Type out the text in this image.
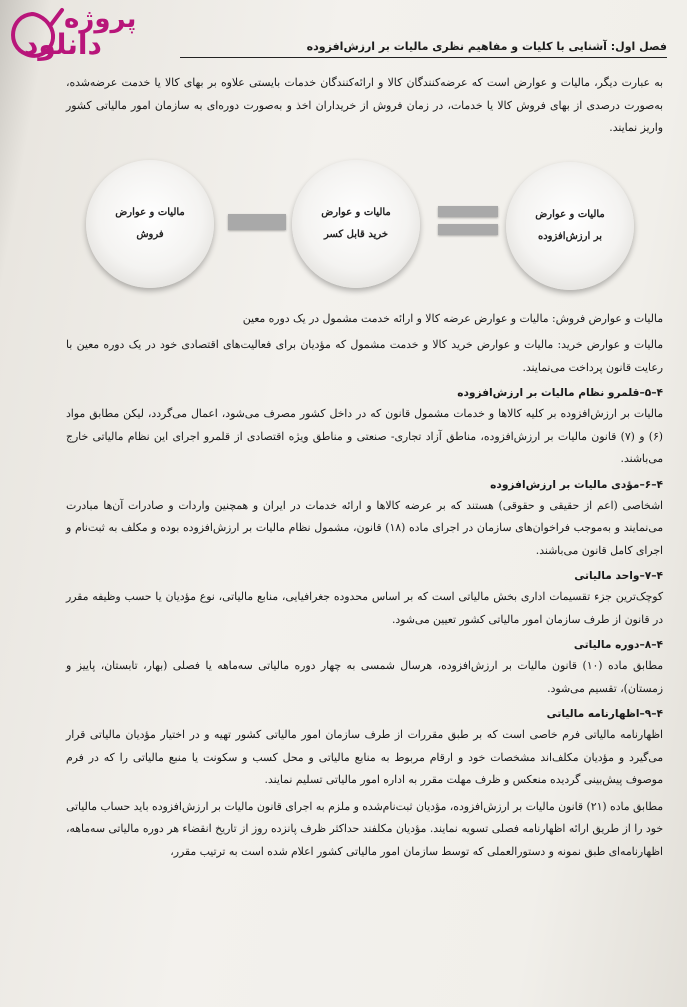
پروژه
دانلود	فصل اول: آشنایی با کلیات و مفاهیم نظری مالیات بر ارزش‌افزوده

به عبارت دیگر، مالیات و عوارض است که عرضه‌کنندگان کالا و ارائه‌کنندگان خدمات بایستی علاوه بر بهای کالا یا خدمت عرضه‌شده، به‌صورت درصدی از بهای فروش کالا یا خدمات، در زمان فروش از خریداران اخذ و به‌صورت دوره‌ای به سازمان امور مالیاتی کشور واریز نمایند.

مالیات و عوارض
فروش
مالیات و عوارض
خرید قابل کسر
مالیات و عوارض
بر ارزش‌افزوده

مالیات و عوارض فروش: مالیات و عوارض عرضه کالا و ارائه خدمت مشمول در یک دوره معین

مالیات و عوارض خرید: مالیات و عوارض خرید کالا و خدمت مشمول که مؤدیان برای فعالیت‌های اقتصادی خود در یک دوره معین با رعایت قانون پرداخت می‌نمایند.

۴–۵–قلمرو نظام مالیات بر ارزش‌افزوده

مالیات بر ارزش‌افزوده بر کلیه کالاها و خدمات مشمول قانون که در داخل کشور مصرف می‌شود، اعمال می‌گردد، لیکن مطابق مواد (۶) و (۷) قانون مالیات بر ارزش‌افزوده، مناطق آزاد تجاری- صنعتی و مناطق ویژه اقتصادی از قلمرو اجرای این نظام مالیاتی خارج می‌باشند.

۴–۶–مؤدی مالیات بر ارزش‌افزوده

اشخاصی (اعم از حقیقی و حقوقی) هستند که بر عرضه کالاها و ارائه خدمات در ایران و همچنین واردات و صادرات آن‌ها مبادرت می‌نمایند و به‌موجب فراخوان‌های سازمان در اجرای ماده (۱۸) قانون، مشمول نظام مالیات بر ارزش‌افزوده بوده و مکلف به ثبت‌نام و اجرای کامل قانون می‌باشند.

۴–۷–واحد مالیاتی

کوچک‌ترین جزء تقسیمات اداری بخش مالیاتی است که بر اساس محدوده جغرافیایی، منابع مالیاتی، نوع مؤدیان یا حسب وظیفه مقرر در قانون از طرف سازمان امور مالیاتی کشور تعیین می‌شود.

۴–۸–دوره مالیاتی

مطابق ماده (۱۰) قانون مالیات بر ارزش‌افزوده، هرسال شمسی به چهار دوره مالیاتی سه‌ماهه یا فصلی (بهار، تابستان، پاییز و زمستان)، تقسیم می‌شود.

۴–۹–اظهارنامه مالیاتی

اظهارنامه مالیاتی فرم خاصی است که بر طبق مقررات از طرف سازمان امور مالیاتی کشور تهیه و در اختیار مؤدیان مالیاتی قرار می‌گیرد و مؤدیان مکلف‌اند مشخصات خود و ارقام مربوط به منابع مالیاتی و محل کسب و سکونت یا منبع مالیاتی را که در فرم موصوف پیش‌بینی گردیده منعکس و ظرف مهلت مقرر به اداره امور مالیاتی تسلیم نمایند.

مطابق ماده (۲۱) قانون مالیات بر ارزش‌افزوده، مؤدیان ثبت‌نام‌شده و ملزم به اجرای قانون مالیات بر ارزش‌افزوده باید حساب مالیاتی خود را از طریق ارائه اظهارنامه فصلی تسویه نمایند. مؤدیان مکلفند حداکثر ظرف پانزده روز از تاریخ انقضاء هر دوره مالیاتی سه‌ماهه، اظهارنامه‌ای طبق نمونه و دستورالعملی که توسط سازمان امور مالیاتی کشور اعلام شده است به ترتیب مقرر،
